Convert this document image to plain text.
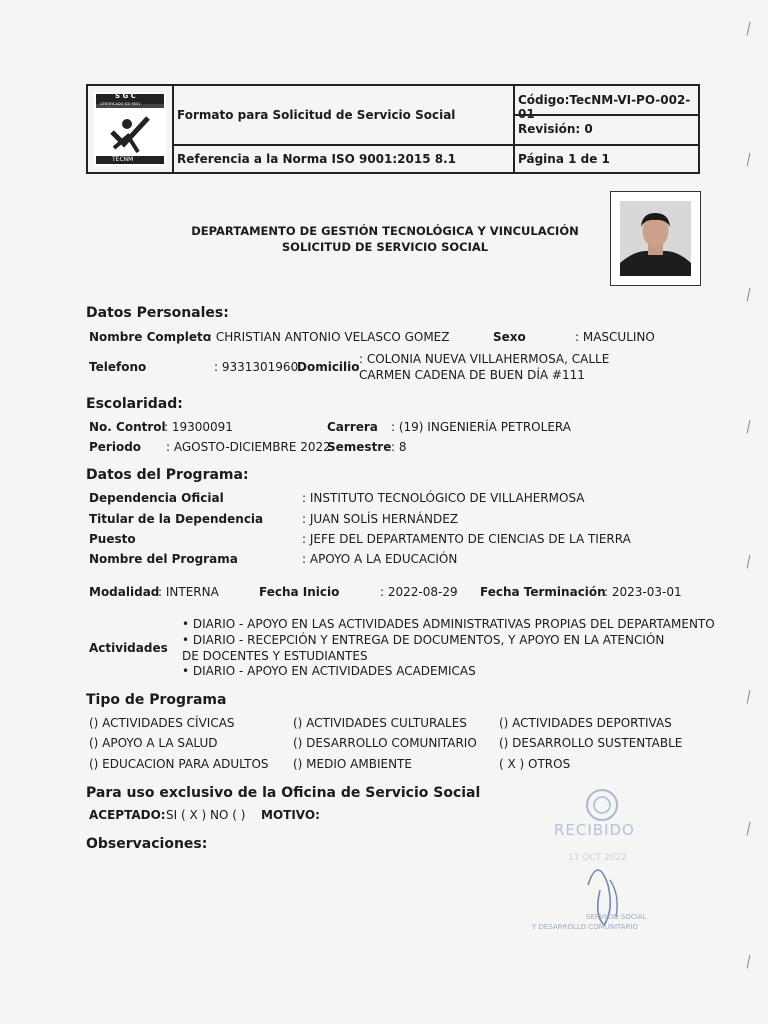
S G C
CERTIFICADO ISO 9001
TECNM
Formato para Solicitud de Servicio Social
Referencia a la Norma ISO 9001:2015 8.1
Código:TecNM-VI-PO-002-
Revisión: 0
Página 1 de 1
DEPARTAMENTO DE GESTIÓN TECNOLÓGICA Y VINCULACIÓN
SOLICITUD DE SERVICIO SOCIAL
Datos Personales:
Nombre Completo
: CHRISTIAN ANTONIO VELASCO GOMEZ	Sexo	: MASCULINO
Telefono	: 9331301960
Domicilio
: COLONIA NUEVA VILLAHERMOSA, CALLE CARMEN CADENA DE BUEN DÍA #111
Escolaridad:
No. Control
: 19300091	Carrera : (19) INGENIERÍA PETROLERA
Periodo : AGOSTO-DICIEMBRE 2022
Semestre : 8
Datos del Programa:
Dependencia Oficial	: INSTITUTO TECNOLÓGICO DE VILLAHERMOSA
Titular de la Dependencia	: JUAN SOLÍS HERNÁNDEZ
Puesto	: JEFE DEL DEPARTAMENTO DE CIENCIAS DE LA TIERRA
Nombre del Programa	: APOYO A LA EDUCACIÓN
Modalidad
: INTERNA	Fecha Inicio	: 2022-08-29 Fecha Terminación
: 2023-03-01
Actividades
• DIARIO - APOYO EN LAS ACTIVIDADES ADMINISTRATIVAS PROPIAS DEL DEPARTAMENTO
• DIARIO - RECEPCIÓN Y ENTREGA DE DOCUMENTOS, Y APOYO EN LA ATENCIÓN DE DOCENTES Y ESTUDIANTES
• DIARIO - APOYO EN ACTIVIDADES ACADEMICAS
Tipo de Programa
() ACTIVIDADES CÍVICAS	() ACTIVIDADES CULTURALES	() ACTIVIDADES DEPORTIVAS
() APOYO A LA SALUD	() DESARROLLO COMUNITARIO () DESARROLLO SUSTENTABLE
() EDUCACION PARA ADULTOS () MEDIO AMBIENTE	( X ) OTROS
Para uso exclusivo de la Oficina de Servicio Social
ACEPTADO: SI ( X ) NO ( ) MOTIVO:
Observaciones:
RECIBIDO
17 OCT 2022
SERVICIO SOCIAL
Y DESARROLLO COMUNITARIO
